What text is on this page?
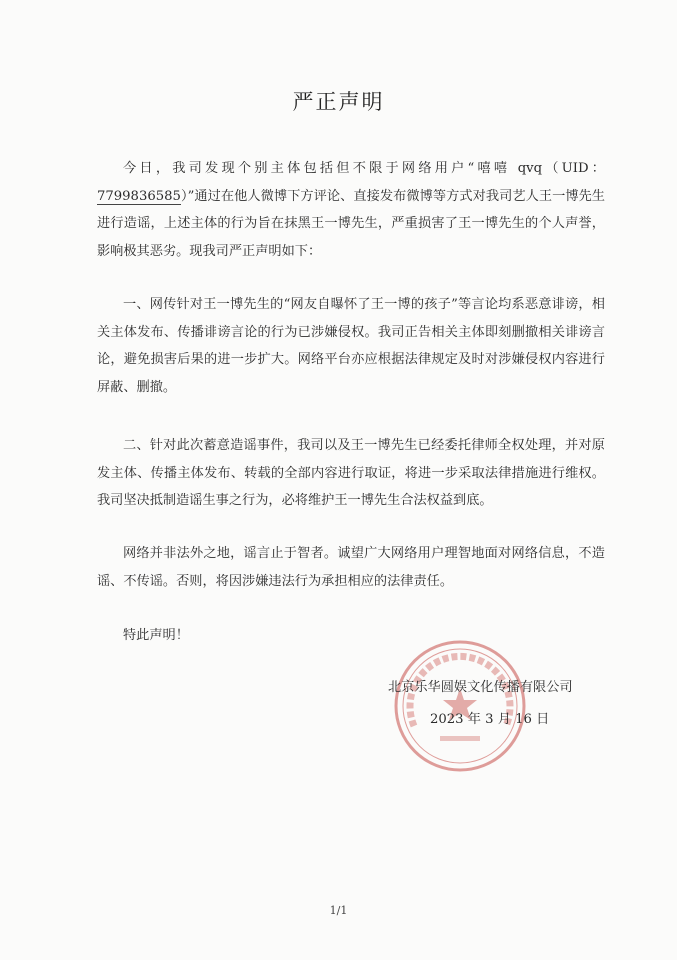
严正声明
今日，我司发现个别主体包括但不限于网络用户“嘻嘻 qvq（UID：7799836585）”通过在他人微博下方评论、直接发布微博等方式对我司艺人王一博先生进行造谣，上述主体的行为旨在抹黑王一博先生，严重损害了王一博先生的个人声誉，影响极其恶劣。现我司严正声明如下：
一、网传针对王一博先生的“网友自曝怀了王一博的孩子”等言论均系恶意诽谤，相关主体发布、传播诽谤言论的行为已涉嫌侵权。我司正告相关主体即刻删撤相关诽谤言论，避免损害后果的进一步扩大。网络平台亦应根据法律规定及时对涉嫌侵权内容进行屏蔽、删撤。
二、针对此次蓄意造谣事件，我司以及王一博先生已经委托律师全权处理，并对原发主体、传播主体发布、转载的全部内容进行取证，将进一步采取法律措施进行维权。我司坚决抵制造谣生事之行为，必将维护王一博先生合法权益到底。
网络并非法外之地，谣言止于智者。诚望广大网络用户理智地面对网络信息，不造谣、不传谣。否则，将因涉嫌违法行为承担相应的法律责任。
特此声明！
北京乐华圆娱文化传播有限公司
2023 年 3 月 16 日
1/1
